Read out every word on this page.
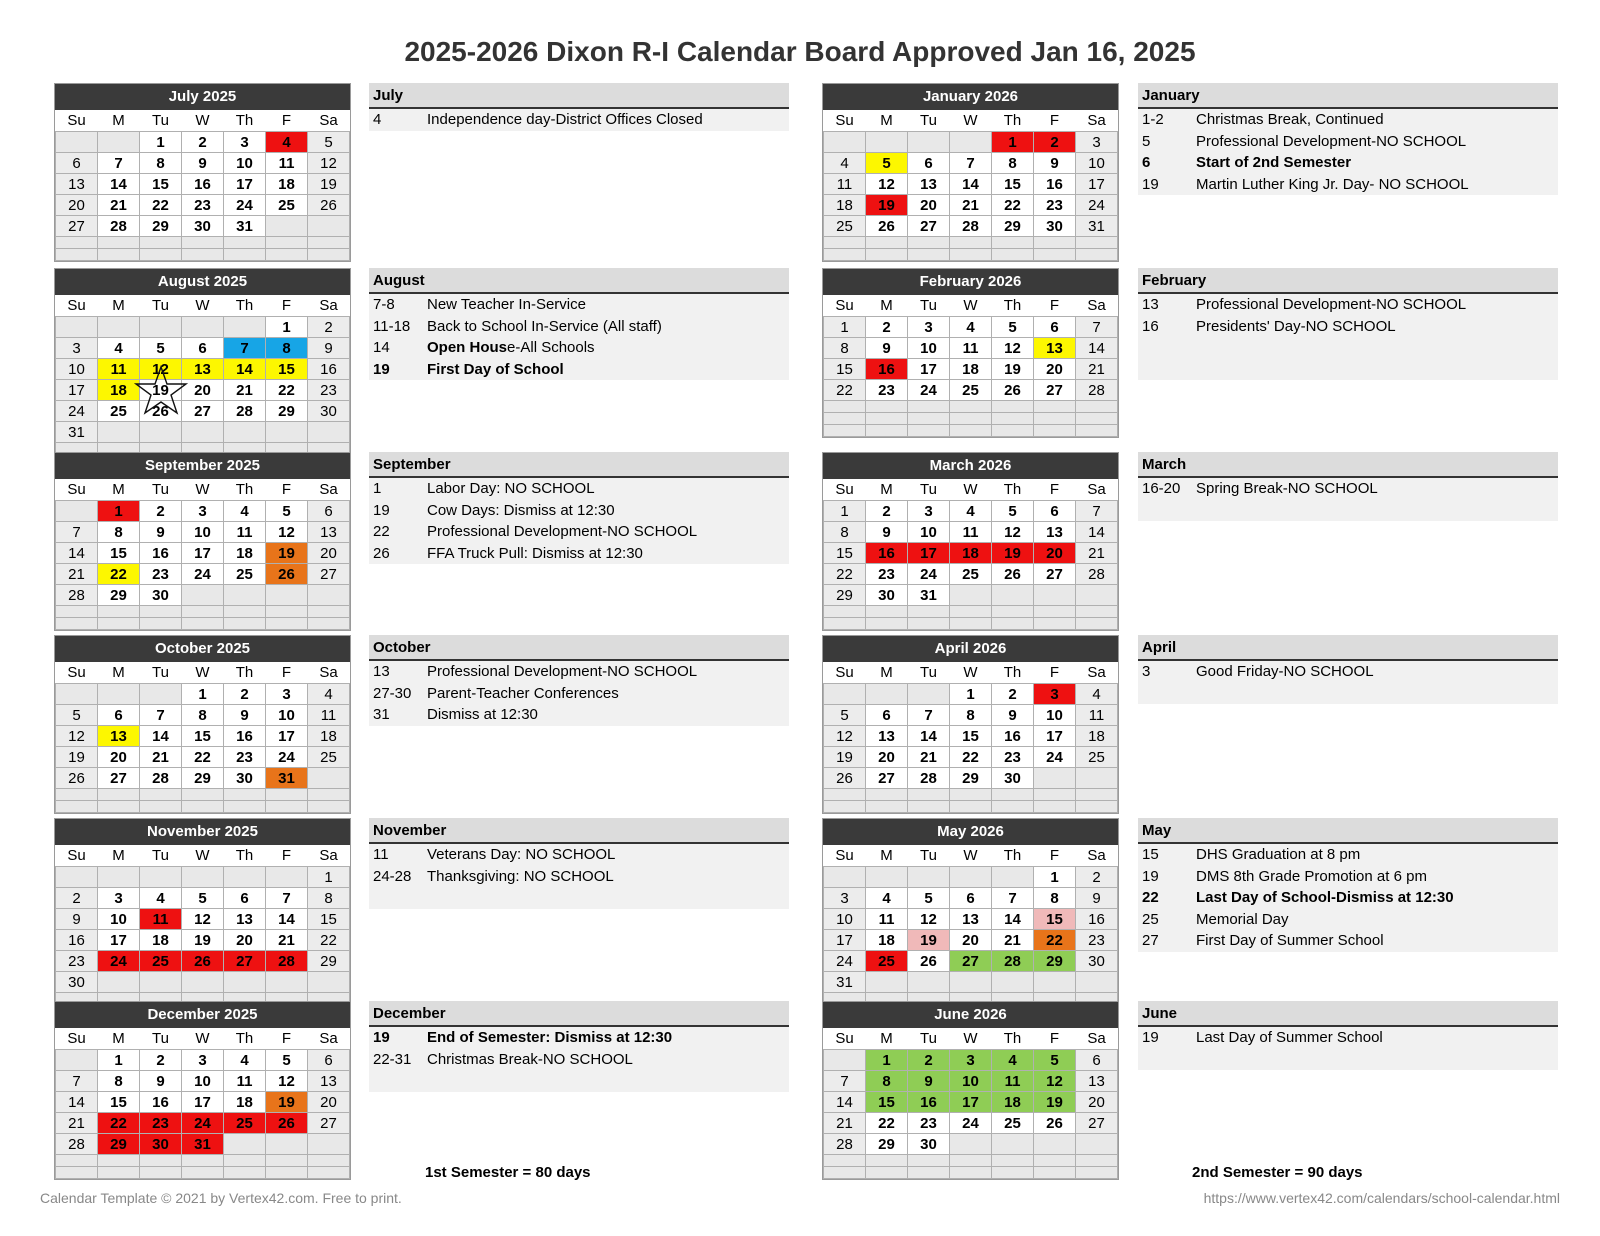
2025-2026 Dixon R-I Calendar Board Approved Jan 16, 2025
July 2025
Su	M	Tu	W	Th	F	Sa
		1	2	3	4	5
6	7	8	9	10	11	12
13	14	15	16	17	18	19
20	21	22	23	24	25	26
27	28	29	30	31		

August 2025
Su	M	Tu	W	Th	F	Sa
					1	2
3	4	5	6	7	8	9
10	11	12	13	14	15	16
17	18	19	20	21	22	23
24	25	26	27	28	29	30
31						

September 2025
Su	M	Tu	W	Th	F	Sa
	1	2	3	4	5	6
7	8	9	10	11	12	13
14	15	16	17	18	19	20
21	22	23	24	25	26	27
28	29	30				

October 2025
Su	M	Tu	W	Th	F	Sa
			1	2	3	4
5	6	7	8	9	10	11
12	13	14	15	16	17	18
19	20	21	22	23	24	25
26	27	28	29	30	31	

November 2025
Su	M	Tu	W	Th	F	Sa
						1
2	3	4	5	6	7	8
9	10	11	12	13	14	15
16	17	18	19	20	21	22
23	24	25	26	27	28	29
30						

December 2025
Su	M	Tu	W	Th	F	Sa
	1	2	3	4	5	6
7	8	9	10	11	12	13
14	15	16	17	18	19	20
21	22	23	24	25	26	27
28	29	30	31			

January 2026
Su	M	Tu	W	Th	F	Sa
				1	2	3
4	5	6	7	8	9	10
11	12	13	14	15	16	17
18	19	20	21	22	23	24
25	26	27	28	29	30	31

February 2026
Su	M	Tu	W	Th	F	Sa
1	2	3	4	5	6	7
8	9	10	11	12	13	14
15	16	17	18	19	20	21
22	23	24	25	26	27	28

March 2026
Su	M	Tu	W	Th	F	Sa
1	2	3	4	5	6	7
8	9	10	11	12	13	14
15	16	17	18	19	20	21
22	23	24	25	26	27	28
29	30	31				

April 2026
Su	M	Tu	W	Th	F	Sa
			1	2	3	4
5	6	7	8	9	10	11
12	13	14	15	16	17	18
19	20	21	22	23	24	25
26	27	28	29	30		

May 2026
Su	M	Tu	W	Th	F	Sa
					1	2
3	4	5	6	7	8	9
10	11	12	13	14	15	16
17	18	19	20	21	22	23
24	25	26	27	28	29	30
31						

June 2026
Su	M	Tu	W	Th	F	Sa
	1	2	3	4	5	6
7	8	9	10	11	12	13
14	15	16	17	18	19	20
21	22	23	24	25	26	27
28	29	30				

July
4	Independence day-District Offices Closed
August
7-8	New Teacher In-Service
11-18	Back to School In-Service (All staff)
14	Open House-All Schools
19	First Day of School
September
1	Labor Day: NO SCHOOL
19	Cow Days: Dismiss at 12:30
22	Professional Development-NO SCHOOL
26	FFA Truck Pull: Dismiss at 12:30
October
13	Professional Development-NO SCHOOL
27-30	Parent-Teacher Conferences
31	Dismiss at 12:30
November
11	Veterans Day: NO SCHOOL
24-28	Thanksgiving: NO SCHOOL
December
19	End of Semester: Dismiss at 12:30
22-31	Christmas Break-NO SCHOOL
January
1-2	Christmas Break, Continued
5	Professional Development-NO SCHOOL
6	Start of 2nd Semester
19	Martin Luther King Jr. Day- NO SCHOOL
February
13	Professional Development-NO SCHOOL
16	Presidents' Day-NO SCHOOL
March
16-20	Spring Break-NO SCHOOL
April
3	Good Friday-NO SCHOOL
May
15	DHS Graduation at 8 pm
19	DMS 8th Grade Promotion at 6 pm
22	Last Day of School-Dismiss at 12:30
25	Memorial Day
27	First Day of Summer School
June
19	Last Day of Summer School
1st Semester = 80 days	2nd Semester = 90 days
Calendar Template © 2021 by Vertex42.com. Free to print.	https://www.vertex42.com/calendars/school-calendar.html
